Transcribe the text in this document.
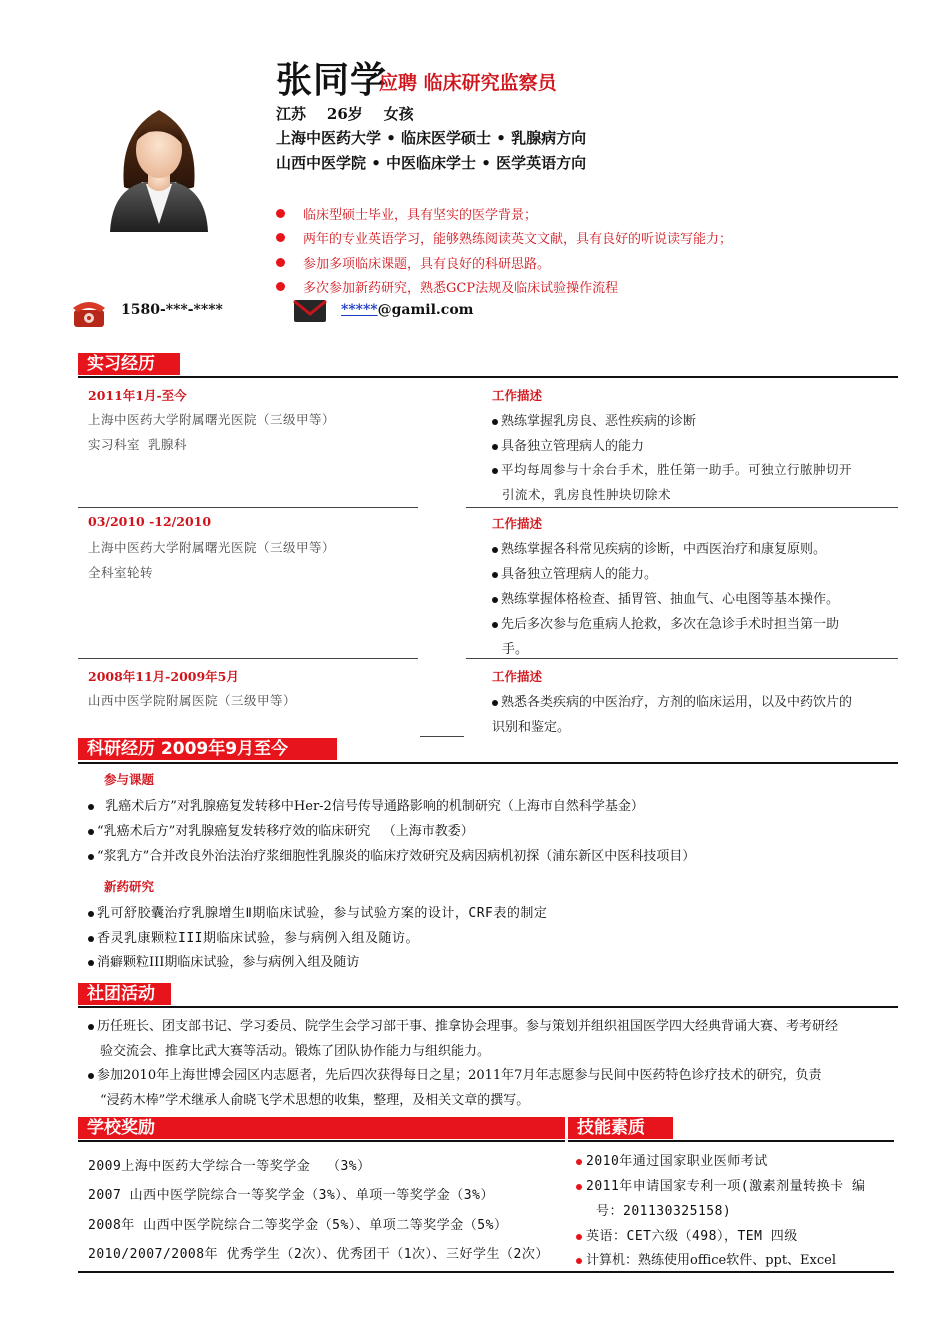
张同学
应聘 临床研究监察员
江苏    26岁    女孩
上海中医药大学 • 临床医学硕士 • 乳腺病方向
山西中医学院 • 中医临床学士 • 医学英语方向
临床型硕士毕业，具有坚实的医学背景；
两年的专业英语学习，能够熟练阅读英文文献，具有良好的听说读写能力；
参加多项临床课题，具有良好的科研思路。
多次参加新药研究，熟悉GCP法规及临床试验操作流程
1580-***-****	*****@gamil.com
实习经历
2011年1月-至今
上海中医药大学附属曙光医院（三级甲等）
实习科室 乳腺科
工作描述
熟练掌握乳房良、恶性疾病的诊断
具备独立管理病人的能力
平均每周参与十余台手术，胜任第一助手。可独立行脓肿切开
引流术，乳房良性肿块切除术
03/2010 -12/2010
上海中医药大学附属曙光医院（三级甲等）
全科室轮转
工作描述
熟练掌握各科常见疾病的诊断，中西医治疗和康复原则。
具备独立管理病人的能力。
熟练掌握体格检查、插胃管、抽血气、心电图等基本操作。
先后多次参与危重病人抢救，多次在急诊手术时担当第一助
手。
2008年11月-2009年5月
山西中医学院附属医院（三级甲等）
工作描述
熟悉各类疾病的中医治疗，方剂的临床运用，以及中药饮片的
识别和鉴定。
科研经历 2009年9月至今
参与课题
乳癌术后方”对乳腺癌复发转移中Her-2信号传导通路影响的机制研究（上海市自然科学基金）
“乳癌术后方”对乳腺癌复发转移疗效的临床研究   （上海市教委）
“浆乳方”合并改良外治法治疗浆细胞性乳腺炎的临床疗效研究及病因病机初探（浦东新区中医科技项目）
新药研究
乳可舒胶囊治疗乳腺增生Ⅱ期临床试验，参与试验方案的设计，CRF表的制定
香灵乳康颗粒III期临床试验，参与病例入组及随访。
消癖颗粒III期临床试验，参与病例入组及随访
社团活动
历任班长、团支部书记、学习委员、院学生会学习部干事、推拿协会理事。参与策划并组织祖国医学四大经典背诵大赛、考考研经
验交流会、推拿比武大赛等活动。锻炼了团队协作能力与组织能力。
参加2010年上海世博会园区内志愿者，先后四次获得每日之星；2011年7月年志愿参与民间中医药特色诊疗技术的研究，负责
“浸药木棒”学术继承人俞晓飞学术思想的收集，整理，及相关文章的撰写。
学校奖励
2009上海中医药大学综合一等奖学金  （3%）
2007 山西中医学院综合一等奖学金（3%）、单项一等奖学金（3%）
2008年 山西中医学院综合二等奖学金（5%）、单项二等奖学金（5%）
2010/2007/2008年 优秀学生（2次）、优秀团干（1次）、三好学生（2次）
技能素质
2010年通过国家职业医师考试
2011年申请国家专利一项(激素剂量转换卡 编
号：201130325158)
英语：CET六级（498），TEM 四级
计算机：熟练使用office软件、ppt、Excel
